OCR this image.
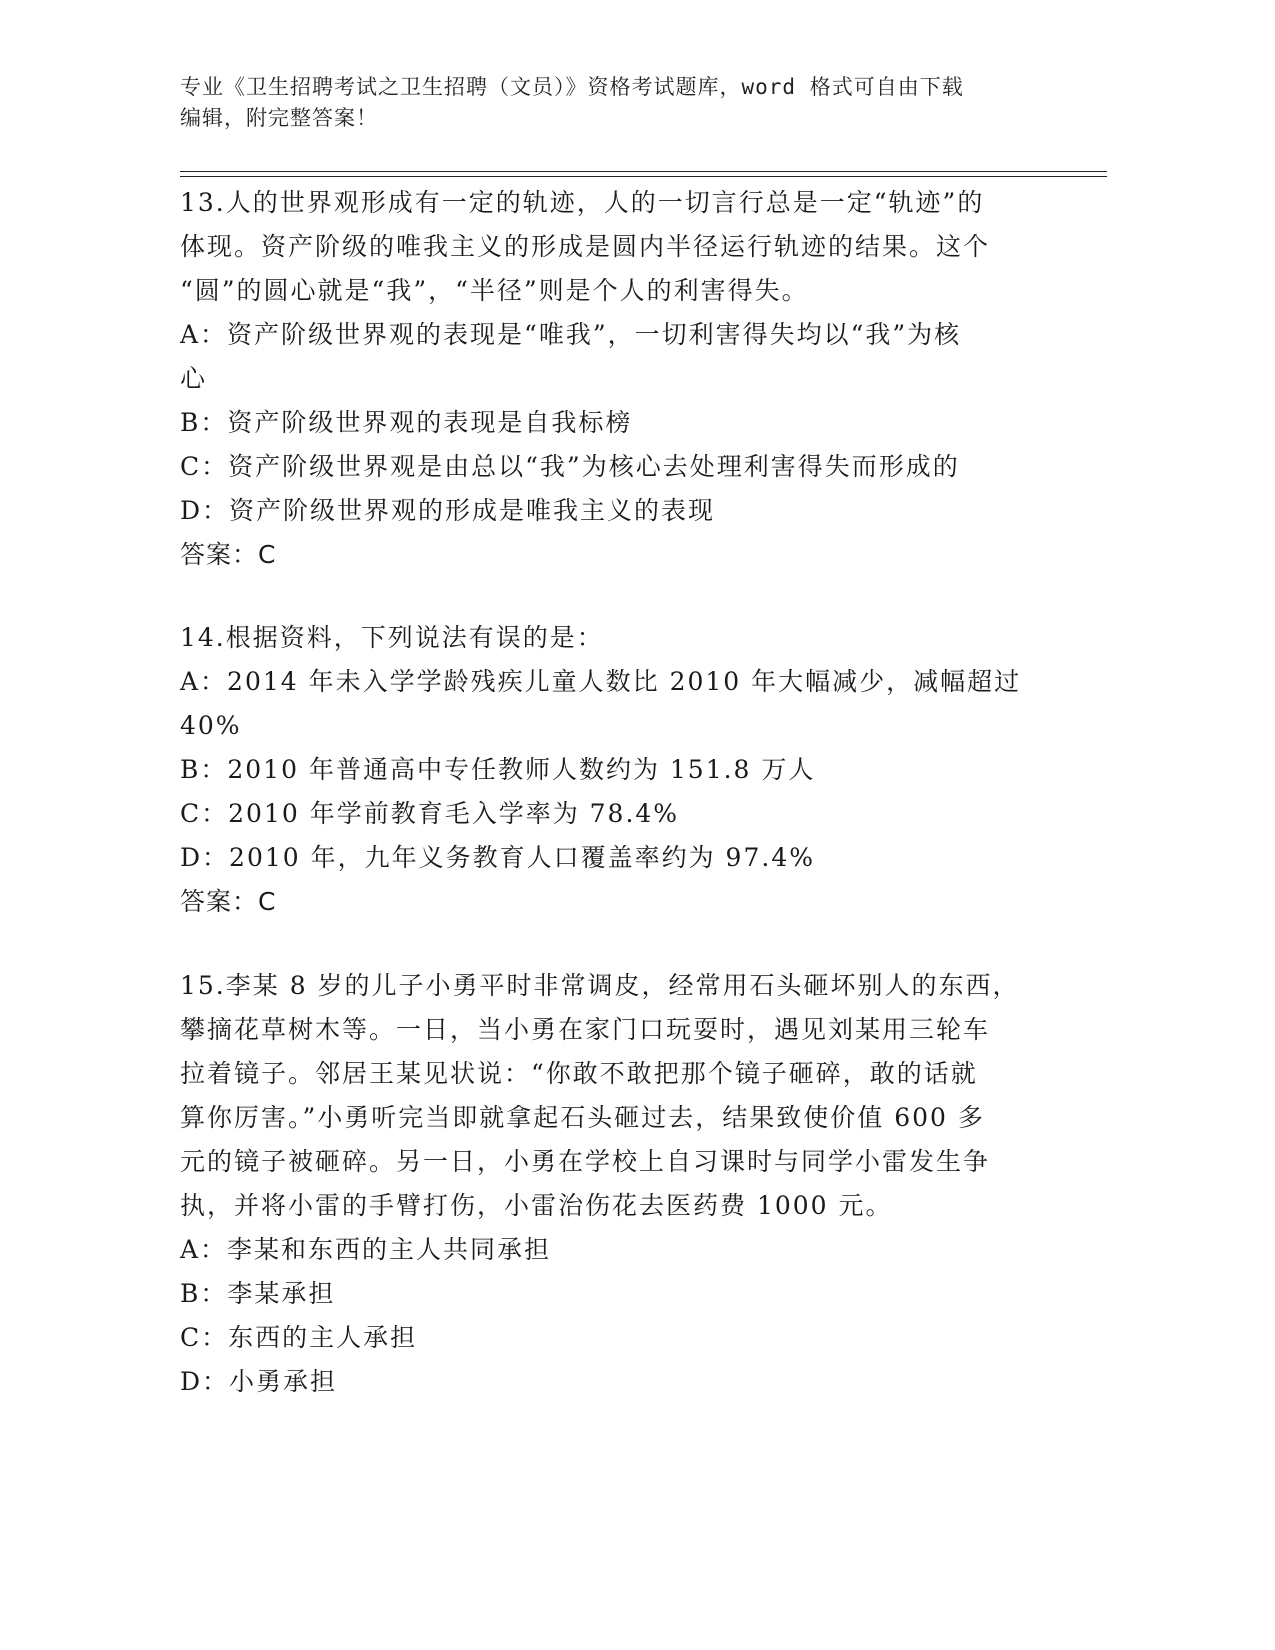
专业《卫生招聘考试之卫生招聘（文员）》资格考试题库，word 格式可自由下载
编辑，附完整答案！

13.人的世界观形成有一定的轨迹，人的一切言行总是一定“轨迹”的

体现。资产阶级的唯我主义的形成是圆内半径运行轨迹的结果。这个

“圆”的圆心就是“我”，“半径”则是个人的利害得失。

A：资产阶级世界观的表现是“唯我”，一切利害得失均以“我”为核

心

B：资产阶级世界观的表现是自我标榜

C：资产阶级世界观是由总以“我”为核心去处理利害得失而形成的

D：资产阶级世界观的形成是唯我主义的表现

答案：C

14.根据资料，下列说法有误的是：

A：2014 年未入学学龄残疾儿童人数比 2010 年大幅减少，减幅超过

40%

B：2010 年普通高中专任教师人数约为 151.8 万人

C：2010 年学前教育毛入学率为 78.4%

D：2010 年，九年义务教育人口覆盖率约为 97.4%

答案：C

15.李某 8 岁的儿子小勇平时非常调皮，经常用石头砸坏别人的东西，

攀摘花草树木等。一日，当小勇在家门口玩耍时，遇见刘某用三轮车

拉着镜子。邻居王某见状说：“你敢不敢把那个镜子砸碎，敢的话就

算你厉害。”小勇听完当即就拿起石头砸过去，结果致使价值 600 多

元的镜子被砸碎。另一日，小勇在学校上自习课时与同学小雷发生争

执，并将小雷的手臂打伤，小雷治伤花去医药费 1000 元。

A：李某和东西的主人共同承担

B：李某承担

C：东西的主人承担

D：小勇承担
